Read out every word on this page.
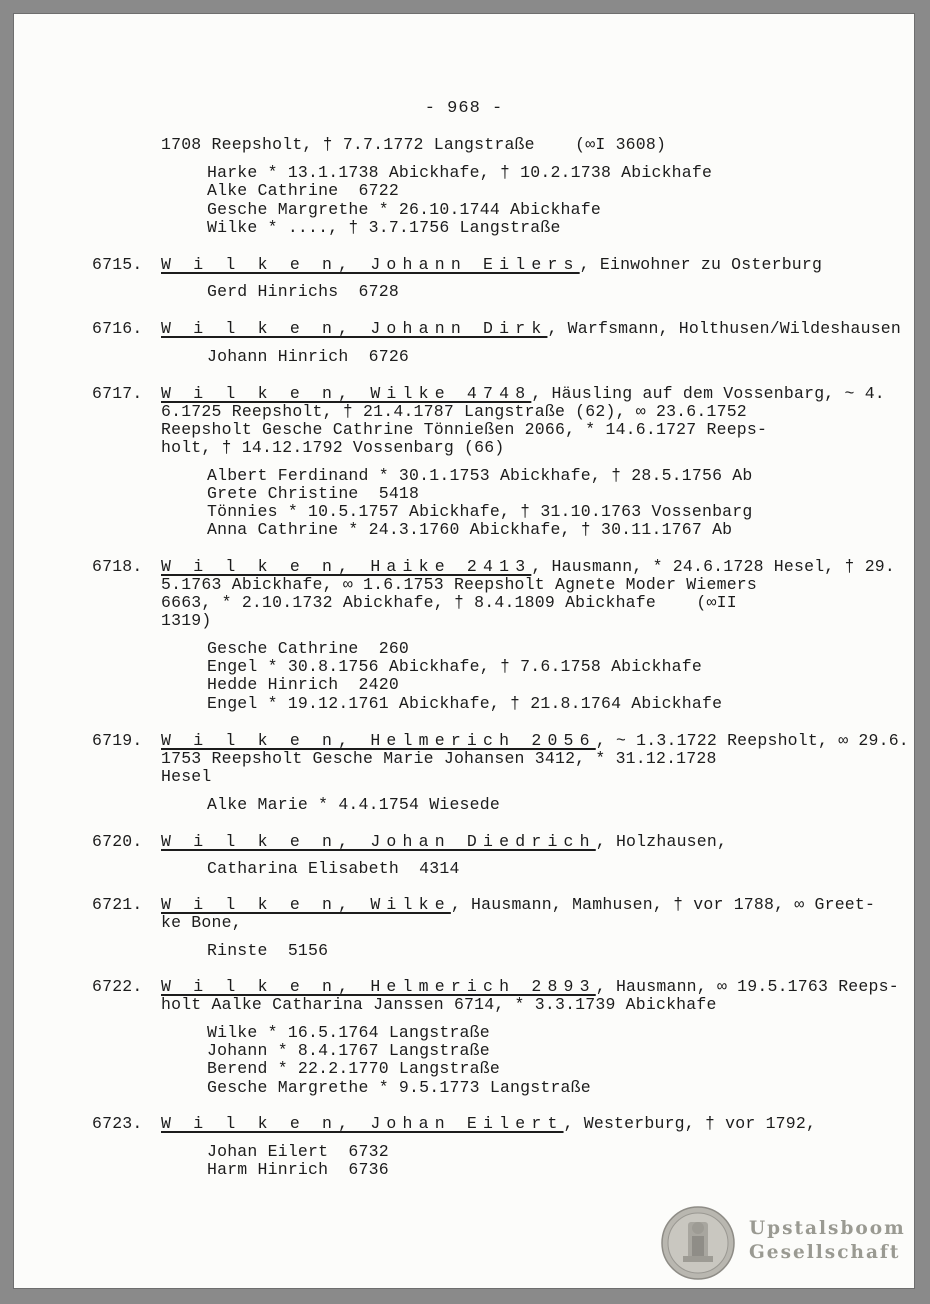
- 968 -
1708 Reepsholt, † 7.7.1772 Langstraße    (∞I 3608)
Harke * 13.1.1738 Abickhafe, † 10.2.1738 Abickhafe
Alke Cathrine  6722
Gesche Margrethe * 26.10.1744 Abickhafe
Wilke * ...., † 3.7.1756 Langstraße
6715. W i l k e n, Johann Eilers, Einwohner zu Osterburg
Gerd Hinrichs  6728
6716. W i l k e n, Johann Dirk, Warfsmann, Holthusen/Wildeshausen
Johann Hinrich  6726
6717. W i l k e n, Wilke 4748, Häusling auf dem Vossenbarg, ~ 4.
6.1725 Reepsholt, † 21.4.1787 Langstraße (62), ∞ 23.6.1752
Reepsholt Gesche Cathrine Tönnießen 2066, * 14.6.1727 Reeps-
holt, † 14.12.1792 Vossenbarg (66)
Albert Ferdinand * 30.1.1753 Abickhafe, † 28.5.1756 Ab
Grete Christine  5418
Tönnies * 10.5.1757 Abickhafe, † 31.10.1763 Vossenbarg
Anna Cathrine * 24.3.1760 Abickhafe, † 30.11.1767 Ab
6718. W i l k e n, Haike 2413, Hausmann, * 24.6.1728 Hesel, † 29.
5.1763 Abickhafe, ∞ 1.6.1753 Reepsholt Agnete Moder Wiemers
6663, * 2.10.1732 Abickhafe, † 8.4.1809 Abickhafe    (∞II
1319)
Gesche Cathrine  260
Engel * 30.8.1756 Abickhafe, † 7.6.1758 Abickhafe
Hedde Hinrich  2420
Engel * 19.12.1761 Abickhafe, † 21.8.1764 Abickhafe
6719. W i l k e n, Helmerich 2056, ~ 1.3.1722 Reepsholt, ∞ 29.6.
1753 Reepsholt Gesche Marie Johansen 3412, * 31.12.1728
Hesel
Alke Marie * 4.4.1754 Wiesede
6720. W i l k e n, Johan Diedrich, Holzhausen,
Catharina Elisabeth  4314
6721. W i l k e n, Wilke, Hausmann, Mamhusen, † vor 1788, ∞ Greet-
ke Bone,
Rinste  5156
6722. W i l k e n, Helmerich 2893, Hausmann, ∞ 19.5.1763 Reeps-
holt Aalke Catharina Janssen 6714, * 3.3.1739 Abickhafe
Wilke * 16.5.1764 Langstraße
Johann * 8.4.1767 Langstraße
Berend * 22.2.1770 Langstraße
Gesche Margrethe * 9.5.1773 Langstraße
6723. W i l k e n, Johan Eilert, Westerburg, † vor 1792,
Johan Eilert  6732
Harm Hinrich  6736
Upstalsboom
Gesellschaft
